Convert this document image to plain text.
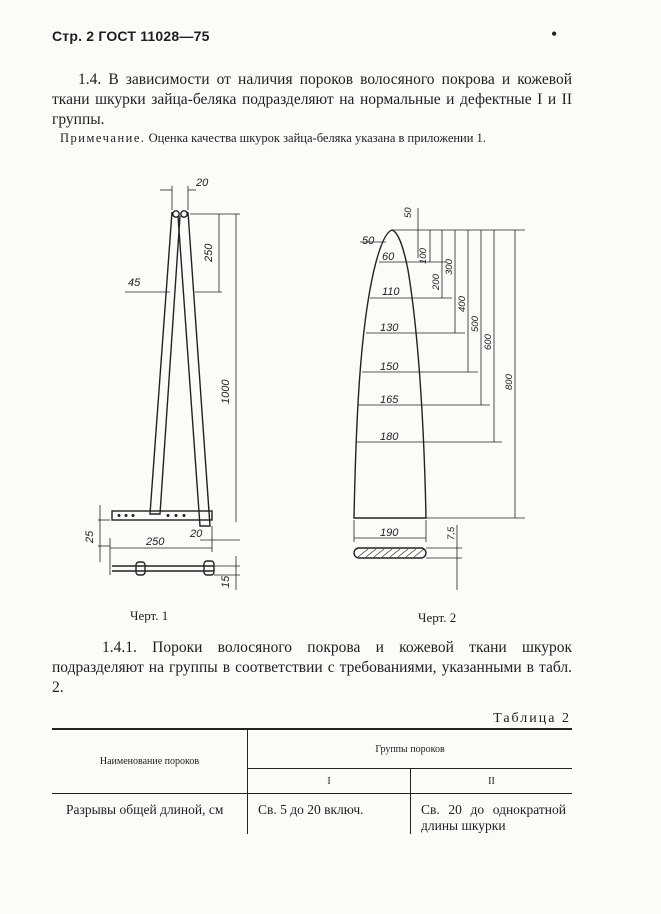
Стр. 2 ГОСТ 11028—75	•
1.4. В зависимости от наличия пороков волосяного покрова и кожевой ткани шкурки зайца-беляка подразделяют на нормальные и дефектные I и II группы.
Примечание. Оценка качества шкурок зайца-беляка указана в приложении 1.
20
250
45
1000
25	250
20
15
50
60
110
130
150
165
180
190
50
100
200
300
400
500
600
800
7,5
Черт. 1	Черт. 2
1.4.1. Пороки волосяного покрова и кожевой ткани шкурок подразделяют на группы в соответствии с требованиями, указанными в табл. 2.
Таблица 2
Наименование пороков	Группы пороков	
	I	II
Разрывы общей длиной, см	Св. 5 до 20 включ.	Св. 20 до однократной длины шкурки
